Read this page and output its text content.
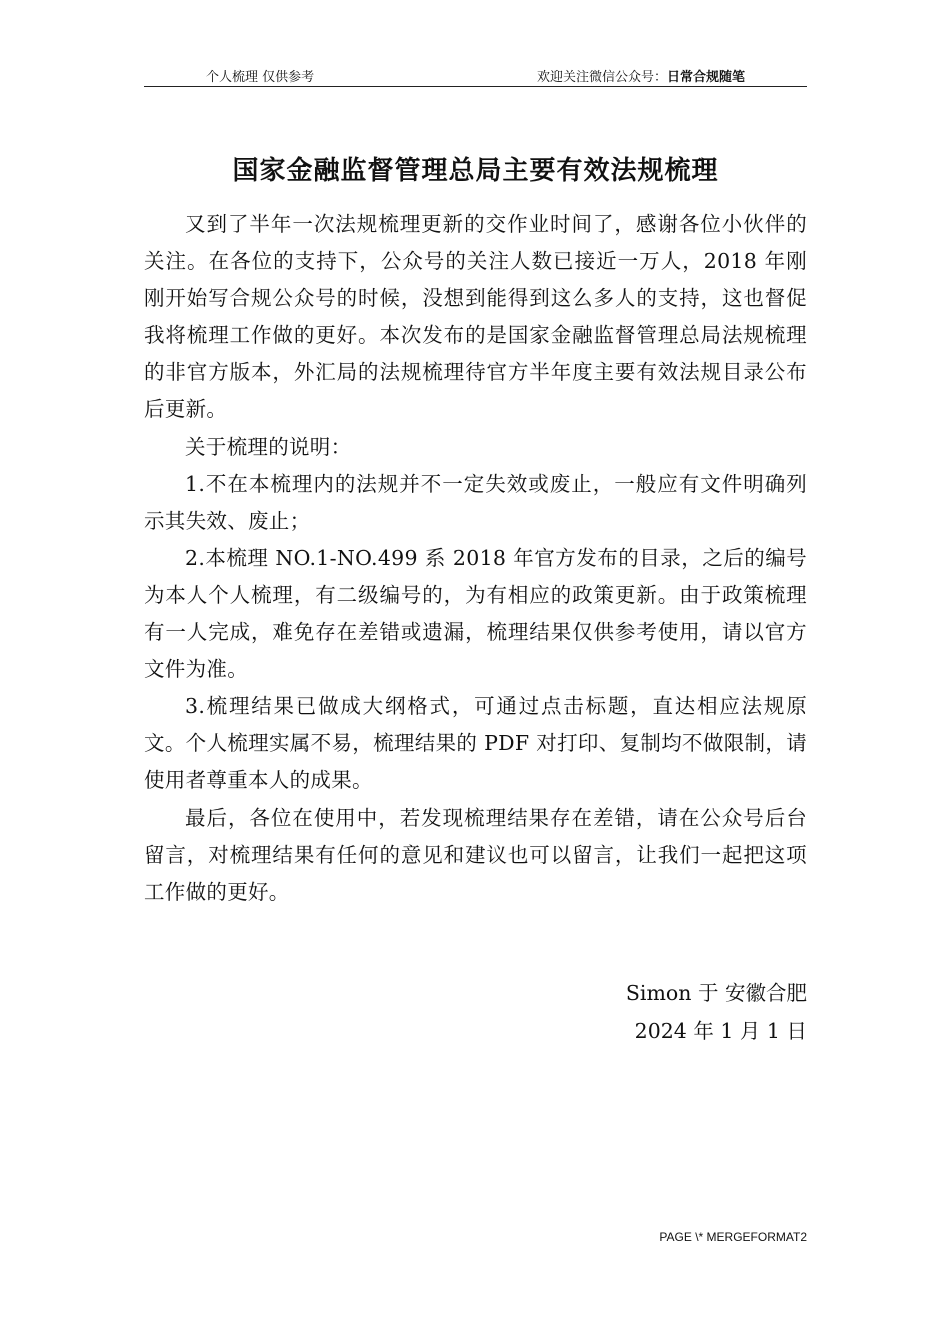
个人梳理 仅供参考	欢迎关注微信公众号：日常合规随笔
国家金融监督管理总局主要有效法规梳理

又到了半年一次法规梳理更新的交作业时间了，感谢各位小伙伴的关注。在各位的支持下，公众号的关注人数已接近一万人，2018 年刚刚开始写合规公众号的时候，没想到能得到这么多人的支持，这也督促我将梳理工作做的更好。本次发布的是国家金融监督管理总局法规梳理的非官方版本，外汇局的法规梳理待官方半年度主要有效法规目录公布后更新。

关于梳理的说明：

1.不在本梳理内的法规并不一定失效或废止，一般应有文件明确列示其失效、废止；

2.本梳理 NO.1-NO.499 系 2018 年官方发布的目录，之后的编号为本人个人梳理，有二级编号的，为有相应的政策更新。由于政策梳理有一人完成，难免存在差错或遗漏，梳理结果仅供参考使用，请以官方文件为准。

3.梳理结果已做成大纲格式，可通过点击标题，直达相应法规原文。个人梳理实属不易，梳理结果的 PDF 对打印、复制均不做限制，请使用者尊重本人的成果。

最后，各位在使用中，若发现梳理结果存在差错，请在公众号后台留言，对梳理结果有任何的意见和建议也可以留言，让我们一起把这项工作做的更好。

Simon 于 安徽合肥
2024 年 1 月 1 日
PAGE \* MERGEFORMAT2
